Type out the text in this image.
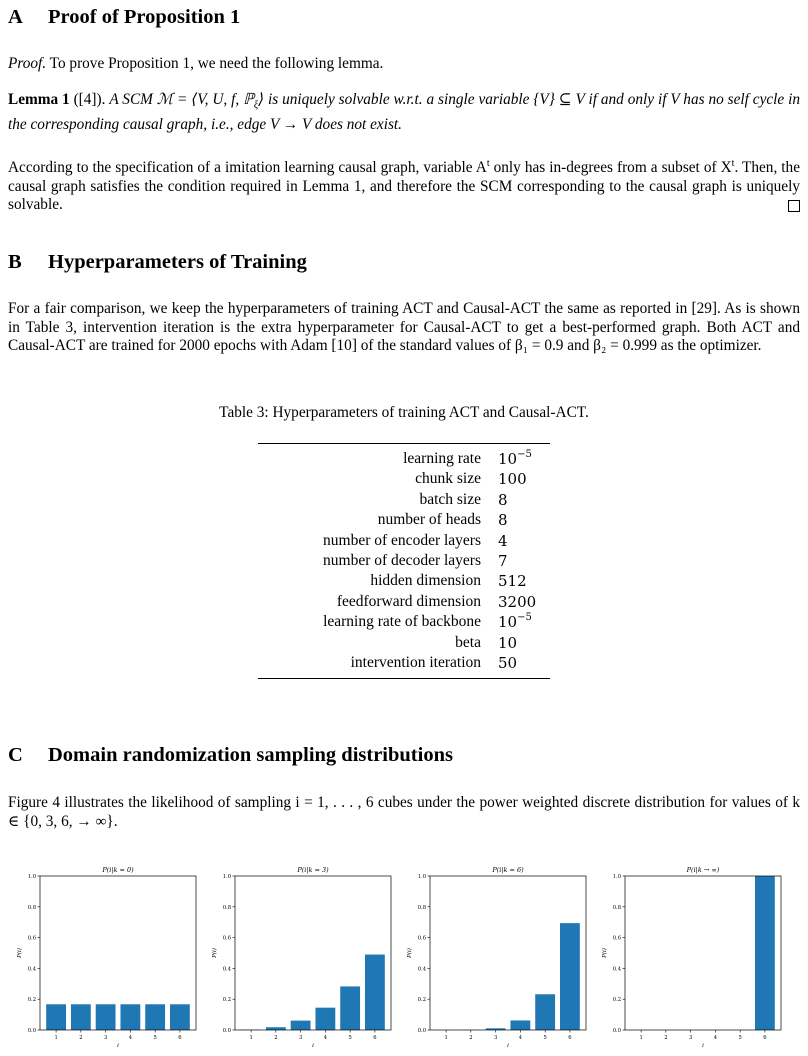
A Proof of Proposition 1

Proof. To prove Proposition 1, we need the following lemma.

Lemma 1 ([4]). A SCM ℳ = ⟨V, U, f, ℙ$_\xi$⟩ is uniquely solvable w.r.t. a single variable {V} ⊆ V if and only if V has no self cycle in the corresponding causal graph, i.e., edge V → V does not exist.

According to the specification of a imitation learning causal graph, variable $A^t$ only has in-degrees from a subset of $X^t$. Then, the causal graph satisfies the condition required in Lemma 1, and therefore the SCM corresponding to the causal graph is uniquely solvable.

B Hyperparameters of Training

For a fair comparison, we keep the hyperparameters of training ACT and Causal-ACT the same as reported in [29]. As is shown in Table 3, intervention iteration is the extra hyperparameter for Causal-ACT to get a best-performed graph. Both ACT and Causal-ACT are trained for 2000 epochs with Adam [10] of the standard values of β₁ = 0.9 and β₂ = 0.999 as the optimizer.

Table 3: Hyperparameters of training ACT and Causal-ACT.
learning rate	$10^{-5}$
chunk size	100
batch size	8
number of heads	8
number of encoder layers	4
number of decoder layers	7
hidden dimension	512
feedforward dimension	3200
learning rate of backbone	$10^{-5}$
beta	10
intervention iteration	50
C Domain randomization sampling distributions

Figure 4 illustrates the likelihood of sampling i = 1, . . . , 6 cubes under the power weighted discrete distribution for values of k ∈ {0, 3, 6, → ∞}.

P(i|k = 0)
0.0
0.2
0.4
0.6
0.8
1.0
1	2	3	4	5	6
i
P(i)
P(i|k = 3)
0.0
0.2
0.4
0.6
0.8
1.0
1	2	3	4	5	6
i
P(i)
P(i|k = 6)
0.0
0.2
0.4
0.6
0.8
1.0
1	2	3	4	5	6
i
P(i)
P(i|k → ∞)
0.0
0.2
0.4
0.6
0.8
1.0
1	2	3	4	5	6
i
P(i)
